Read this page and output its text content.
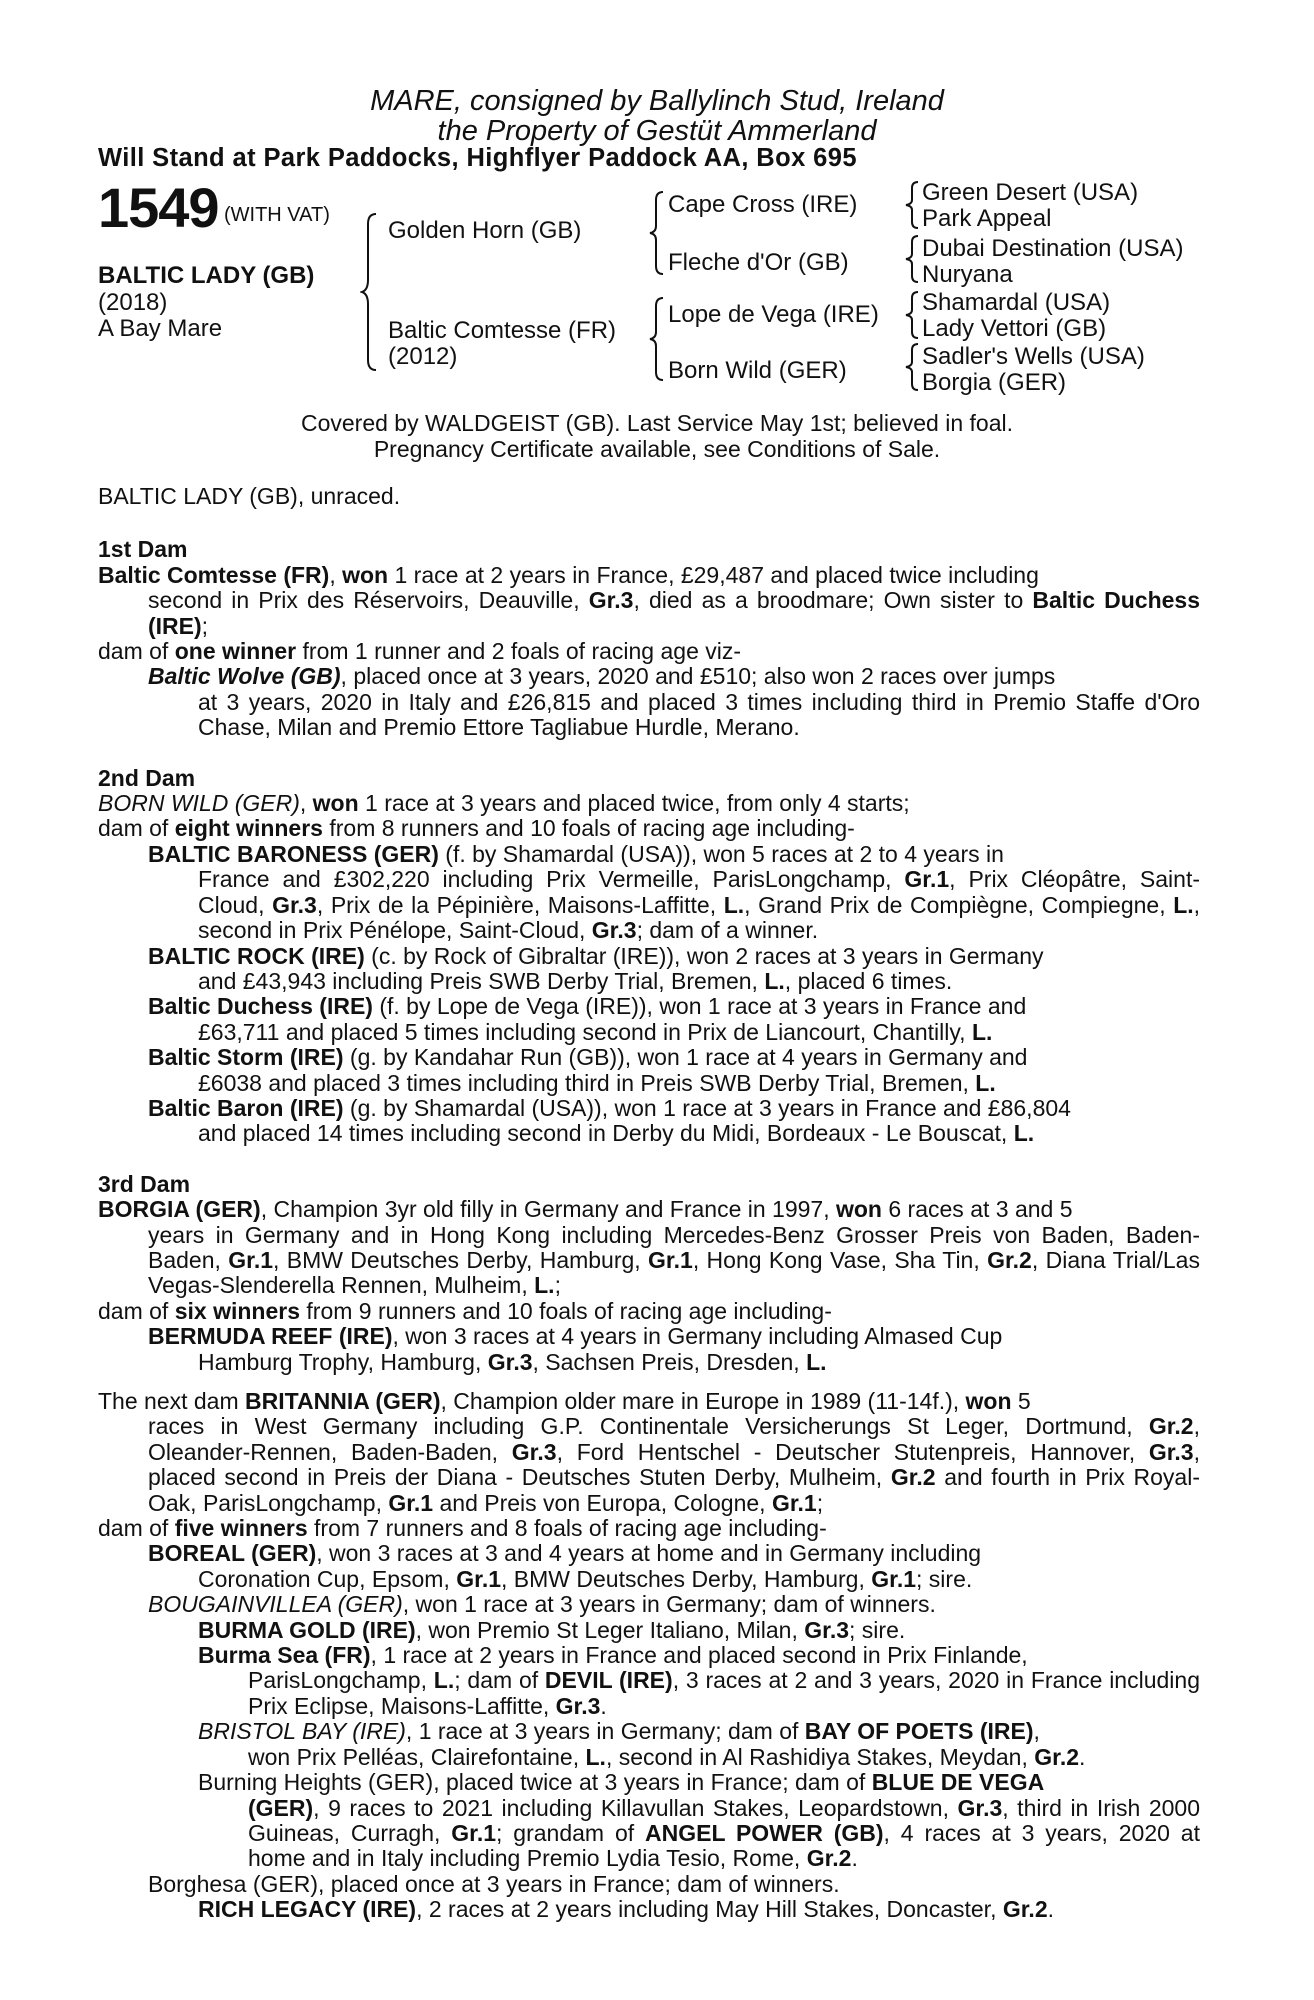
MARE, consigned by Ballylinch Stud, Ireland
the Property of Gestüt Ammerland
Will Stand at Park Paddocks, Highflyer Paddock AA, Box 695
1549 (WITH VAT)
BALTIC LADY (GB)
(2018)
A Bay Mare
Golden Horn (GB)
Baltic Comtesse (FR)
(2012)
Cape Cross (IRE)
Fleche d'Or (GB)
Lope de Vega (IRE)
Born Wild (GER)
Green Desert (USA)
Park Appeal
Dubai Destination (USA)
Nuryana
Shamardal (USA)
Lady Vettori (GB)
Sadler's Wells (USA)
Borgia (GER)
Covered by WALDGEIST (GB). Last Service May 1st; believed in foal.
Pregnancy Certificate available, see Conditions of Sale.

BALTIC LADY (GB), unraced.

1st Dam

Baltic Comtesse (FR), won 1 race at 2 years in France, £29,487 and placed twice including
second in Prix des Réservoirs, Deauville, Gr.3, died as a broodmare; Own sister to Baltic Duchess (IRE);

dam of one winner from 1 runner and 2 foals of racing age viz-

Baltic Wolve (GB), placed once at 3 years, 2020 and £510; also won 2 races over jumps
at 3 years, 2020 in Italy and £26,815 and placed 3 times including third in Premio Staffe d'Oro Chase, Milan and Premio Ettore Tagliabue Hurdle, Merano.

2nd Dam

BORN WILD (GER), won 1 race at 3 years and placed twice, from only 4 starts;

dam of eight winners from 8 runners and 10 foals of racing age including-

BALTIC BARONESS (GER) (f. by Shamardal (USA)), won 5 races at 2 to 4 years in
France and £302,220 including Prix Vermeille, ParisLongchamp, Gr.1, Prix Cléopâtre, Saint-Cloud, Gr.3, Prix de la Pépinière, Maisons-Laffitte, L., Grand Prix de Compiègne, Compiegne, L., second in Prix Pénélope, Saint-Cloud, Gr.3; dam of a winner.

BALTIC ROCK (IRE) (c. by Rock of Gibraltar (IRE)), won 2 races at 3 years in Germany
and £43,943 including Preis SWB Derby Trial, Bremen, L., placed 6 times.

Baltic Duchess (IRE) (f. by Lope de Vega (IRE)), won 1 race at 3 years in France and
£63,711 and placed 5 times including second in Prix de Liancourt, Chantilly, L.

Baltic Storm (IRE) (g. by Kandahar Run (GB)), won 1 race at 4 years in Germany and
£6038 and placed 3 times including third in Preis SWB Derby Trial, Bremen, L.

Baltic Baron (IRE) (g. by Shamardal (USA)), won 1 race at 3 years in France and £86,804
and placed 14 times including second in Derby du Midi, Bordeaux - Le Bouscat, L.

3rd Dam

BORGIA (GER), Champion 3yr old filly in Germany and France in 1997, won 6 races at 3 and 5
years in Germany and in Hong Kong including Mercedes-Benz Grosser Preis von Baden, Baden-Baden, Gr.1, BMW Deutsches Derby, Hamburg, Gr.1, Hong Kong Vase, Sha Tin, Gr.2, Diana Trial/Las Vegas-Slenderella Rennen, Mulheim, L.;

dam of six winners from 9 runners and 10 foals of racing age including-

BERMUDA REEF (IRE), won 3 races at 4 years in Germany including Almased Cup
Hamburg Trophy, Hamburg, Gr.3, Sachsen Preis, Dresden, L.

The next dam BRITANNIA (GER), Champion older mare in Europe in 1989 (11-14f.), won 5
races in West Germany including G.P. Continentale Versicherungs St Leger, Dortmund, Gr.2, Oleander-Rennen, Baden-Baden, Gr.3, Ford Hentschel - Deutscher Stutenpreis, Hannover, Gr.3, placed second in Preis der Diana - Deutsches Stuten Derby, Mulheim, Gr.2 and fourth in Prix Royal-Oak, ParisLongchamp, Gr.1 and Preis von Europa, Cologne, Gr.1;

dam of five winners from 7 runners and 8 foals of racing age including-

BOREAL (GER), won 3 races at 3 and 4 years at home and in Germany including
Coronation Cup, Epsom, Gr.1, BMW Deutsches Derby, Hamburg, Gr.1; sire.

BOUGAINVILLEA (GER), won 1 race at 3 years in Germany; dam of winners.

BURMA GOLD (IRE), won Premio St Leger Italiano, Milan, Gr.3; sire.

Burma Sea (FR), 1 race at 2 years in France and placed second in Prix Finlande,
ParisLongchamp, L.; dam of DEVIL (IRE), 3 races at 2 and 3 years, 2020 in France including Prix Eclipse, Maisons-Laffitte, Gr.3.

BRISTOL BAY (IRE), 1 race at 3 years in Germany; dam of BAY OF POETS (IRE),
won Prix Pelléas, Clairefontaine, L., second in Al Rashidiya Stakes, Meydan, Gr.2.

Burning Heights (GER), placed twice at 3 years in France; dam of BLUE DE VEGA
(GER), 9 races to 2021 including Killavullan Stakes, Leopardstown, Gr.3, third in Irish 2000 Guineas, Curragh, Gr.1; grandam of ANGEL POWER (GB), 4 races at 3 years, 2020 at home and in Italy including Premio Lydia Tesio, Rome, Gr.2.

Borghesa (GER), placed once at 3 years in France; dam of winners.

RICH LEGACY (IRE), 2 races at 2 years including May Hill Stakes, Doncaster, Gr.2.
